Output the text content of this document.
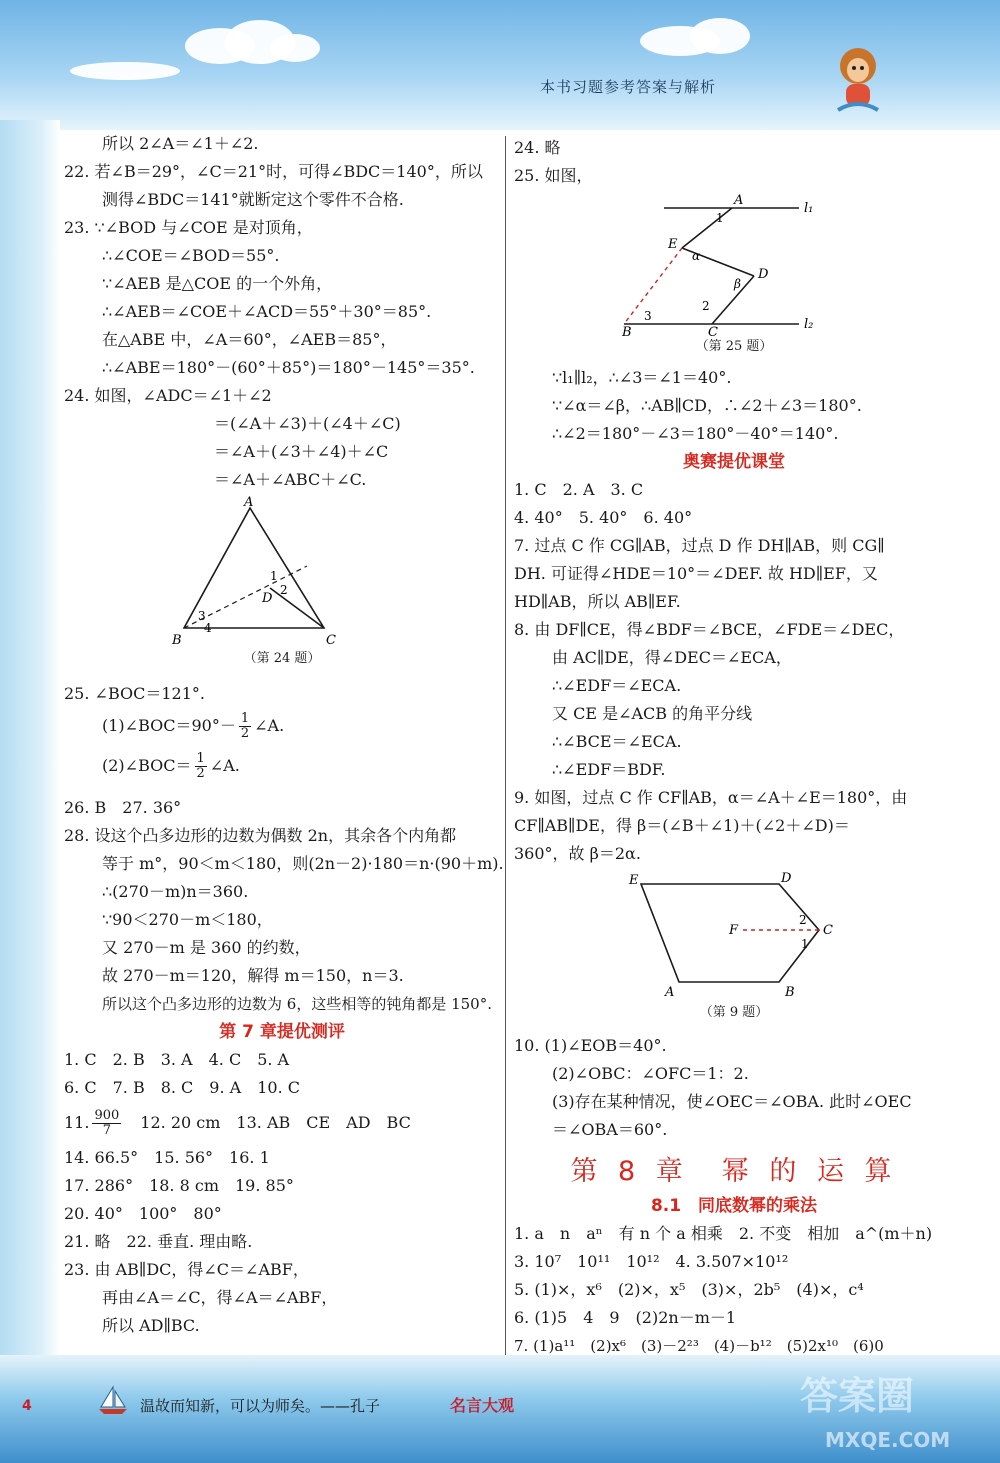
本书习题参考答案与解析
所以 2∠A＝∠1＋∠2.
22. 若∠B＝29°，∠C＝21°时，可得∠BDC＝140°，所以
测得∠BDC＝141°就断定这个零件不合格.
23. ∵∠BOD 与∠COE 是对顶角，
∴∠COE＝∠BOD＝55°.
∵∠AEB 是△COE 的一个外角，
∴∠AEB＝∠COE＋∠ACD＝55°＋30°＝85°.
在△ABE 中，∠A＝60°，∠AEB＝85°，
∴∠ABE＝180°－(60°＋85°)＝180°－145°＝35°.
24. 如图，∠ADC＝∠1＋∠2
＝(∠A＋∠3)＋(∠4＋∠C)
＝∠A＋(∠3＋∠4)＋∠C
＝∠A＋∠ABC＋∠C.
A
B	C
D
1
2
3
4
（第 24 题）
25. ∠BOC＝121°.
(1)∠BOC＝90°－ $\frac{1}{2}$ ∠A.
(2)∠BOC＝ $\frac{1}{2}$ ∠A.
26. B　27. 36°
28. 设这个凸多边形的边数为偶数 2n，其余各个内角都
等于 m°，90＜m＜180，则(2n－2)·180＝n·(90＋m).
∴(270－m)n＝360.
∵90＜270－m＜180，
又 270－m 是 360 的约数，
故 270－m＝120，解得 m＝150，n＝3.
所以这个凸多边形的边数为 6，这些相等的钝角都是 150°.
第 7 章提优测评
1. C　2. B　3. A　4. C　5. A
6. C　7. B　8. C　9. A　10. C
11. $\frac{900}{7}$
　 12. 20 cm　13. AB　CE　AD　BC
14. 66.5°　15. 56°　16. 1
17. 286°　18. 8 cm　19. 85°
20. 40°　100°　80°
21. 略　22. 垂直. 理由略.
23. 由 AB∥DC，得∠C＝∠ABF，
再由∠A＝∠C，得∠A＝∠ABF，
所以 AD∥BC.
24. 略
25. 如图，
A
B	C
D
E
l₁
l₂
1
2
3
α
β
（第 25 题）
∵l₁∥l₂，∴∠3＝∠1＝40°.
∵∠α＝∠β，∴AB∥CD，∴∠2＋∠3＝180°.
∴∠2＝180°－∠3＝180°－40°＝140°.
奥赛提优课堂
1. C　2. A　3. C
4. 40°　5. 40°　6. 40°
7. 过点 C 作 CG∥AB，过点 D 作 DH∥AB，则 CG∥
DH. 可证得∠HDE＝10°＝∠DEF. 故 HD∥EF，又
HD∥AB，所以 AB∥EF.
8. 由 DF∥CE，得∠BDF＝∠BCE，∠FDE＝∠DEC，
由 AC∥DE，得∠DEC＝∠ECA，
∴∠EDF＝∠ECA.
又 CE 是∠ACB 的角平分线
∴∠BCE＝∠ECA.
∴∠EDF＝BDF.
9. 如图，过点 C 作 CF∥AB，α＝∠A＋∠E＝180°，由
CF∥AB∥DE，得 β＝(∠B＋∠1)＋(∠2＋∠D)＝
360°，故 β＝2α.
E	D
C
B
A
F
2
1
（第 9 题）
10. (1)∠EOB＝40°.
(2)∠OBC：∠OFC＝1：2.
(3)存在某种情况，使∠OEC＝∠OBA. 此时∠OEC
＝∠OBA＝60°.
第 8 章　幂 的 运 算
8.1　同底数幂的乘法
1. a　n　aⁿ　有 n 个 a 相乘　2. 不变　相加　a^(m＋n)
3. 10⁷　10¹¹　10¹²　4. 3.507×10¹²
5. (1)×，x⁶　(2)×，x⁵　(3)×，2b⁵　(4)×，c⁴
6. (1)5　4　9　(2)2n－m－1
7. (1)a¹¹　(2)x⁶　(3)－2²³　(4)－b¹²　(5)2x¹⁰　(6)0
4	温故而知新，可以为师矣。——孔子	名言大观	答案圈
MXQE.COM
